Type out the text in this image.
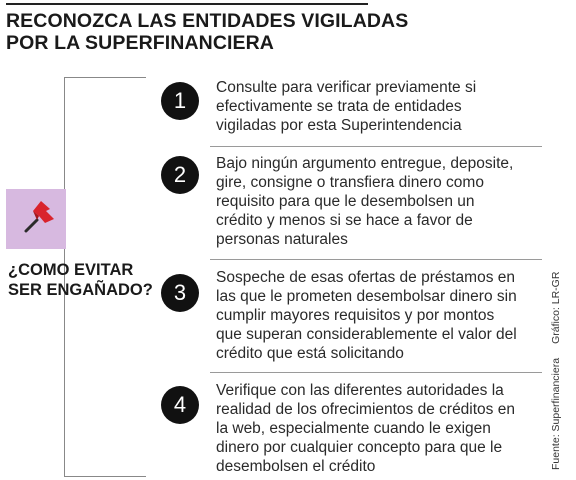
RECONOZCA LAS ENTIDADES VIGILADAS
POR LA SUPERFINANCIERA
¿COMO EVITAR
SER ENGAÑADO?
1
Consulte para verificar previamente si
efectivamente se trata de entidades
vigiladas por esta Superintendencia
2	Bajo ningún argumento entregue, deposite,
gire, consigne o transfiera dinero como
requisito para que le desembolsen un
crédito y menos si se hace a favor de
personas naturales
3
Sospeche de esas ofertas de préstamos en
las que le prometen desembolsar dinero sin
cumplir mayores requisitos y por montos
que superan considerablemente el valor del
crédito que está solicitando
4
Verifique con las diferentes autoridades la
realidad de los ofrecimientos de créditos en
la web, especialmente cuando le exigen
dinero por cualquier concepto para que le
desembolsen el crédito	Fuente: SuperfinancieraGráfico: LR-GR
